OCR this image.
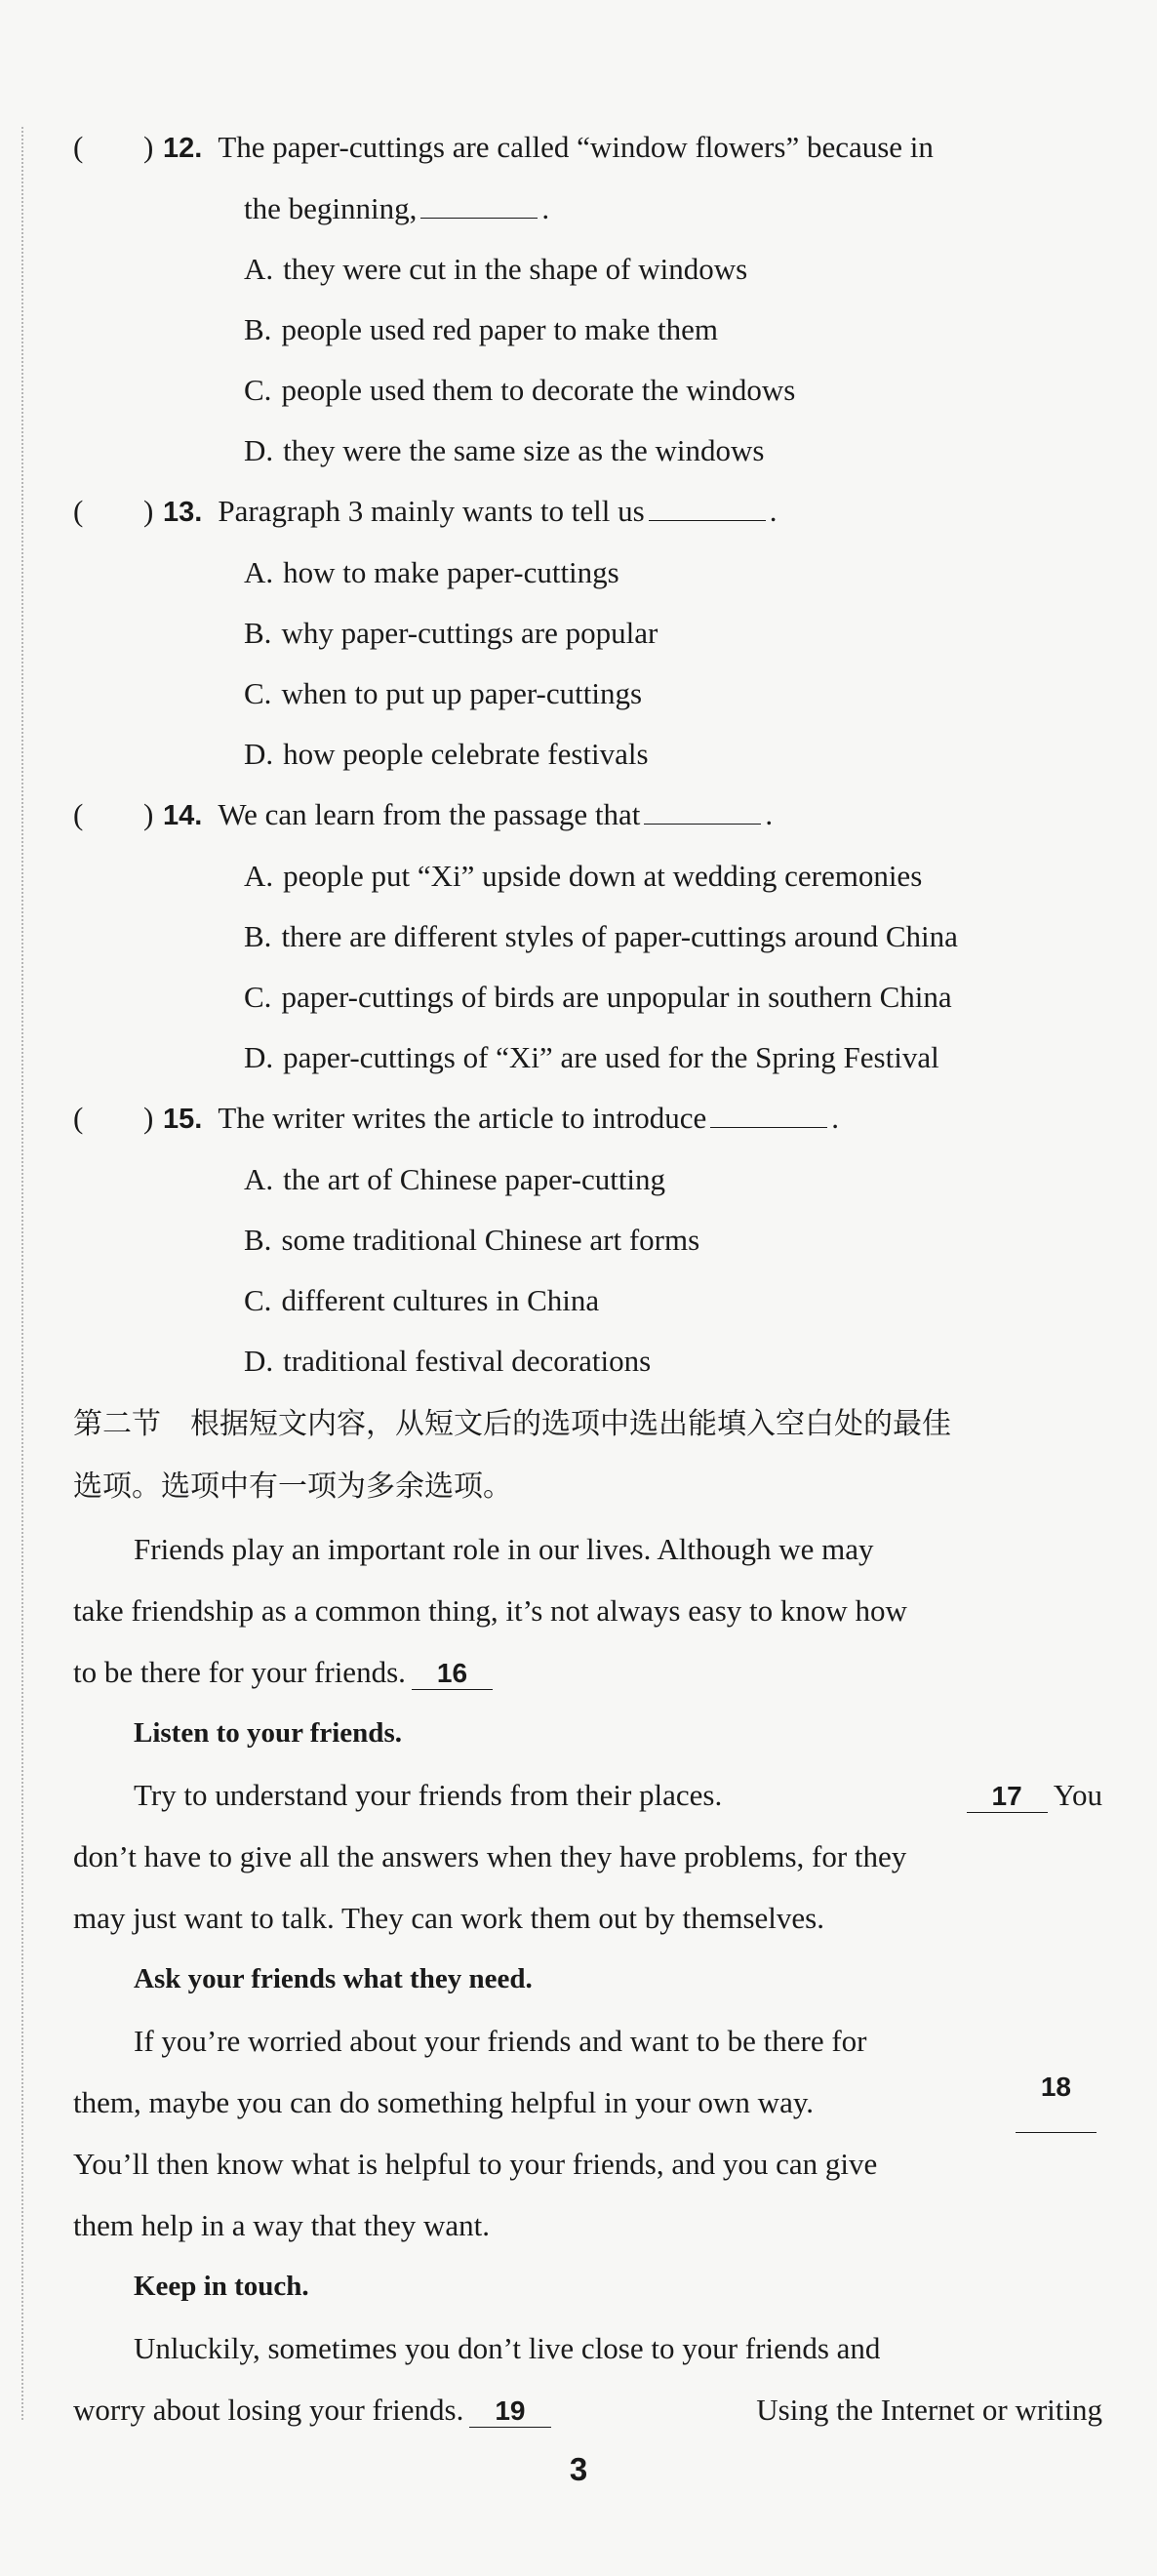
( ) 12. The paper-cuttings are called “window flowers” because in
the beginning,	.
A. they were cut in the shape of windows
B. people used red paper to make them
C. people used them to decorate the windows
D. they were the same size as the windows
( ) 13. Paragraph 3 mainly wants to tell us	.
A. how to make paper-cuttings
B. why paper-cuttings are popular
C. when to put up paper-cuttings
D. how people celebrate festivals
( ) 14. We can learn from the passage that	.
A. people put “Xi” upside down at wedding ceremonies
B. there are different styles of paper-cuttings around China
C. paper-cuttings of birds are unpopular in southern China
D. paper-cuttings of “Xi” are used for the Spring Festival
( ) 15. The writer writes the article to introduce	.
A. the art of Chinese paper-cutting
B. some traditional Chinese art forms
C. different cultures in China
D. traditional festival decorations
第二节　根据短文内容，从短文后的选项中选出能填入空白处的最佳
选项。选项中有一项为多余选项。
Friends play an important role in our lives. Although we may
take friendship as a common thing, it’s not always easy to know how
to be there for your friends. 16
Listen to your friends.
Try to understand your friends from their places.	17 You
don’t have to give all the answers when they have problems, for they
may just want to talk. They can work them out by themselves.
Ask your friends what they need.
If you’re worried about your friends and want to be there for
them, maybe you can do something helpful in your own way.	18
You’ll then know what is helpful to your friends, and you can give
them help in a way that they want.
Keep in touch.
Unluckily, sometimes you don’t live close to your friends and
worry about losing your friends. 19	Using the Internet or writing
3
